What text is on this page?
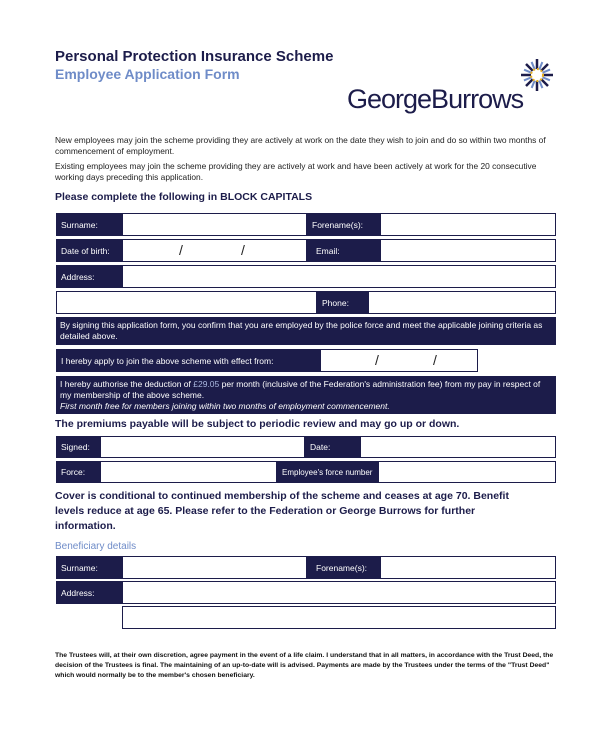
Personal Protection Insurance Scheme
Employee Application Form
GeorgeBurrows
New employees may join the scheme providing they are actively at work on the date they wish to join and do so within two months of commencement of employment.
Existing employees may join the scheme providing they are actively at work and have been actively at work for the 20 consecutive working days preceding this application.
Please complete the following in BLOCK CAPITALS
Surname:	Forename(s):
Date of birth:	/	/	Email:
Address:
Phone:
By signing this application form, you confirm that you are employed by the police force and meet the applicable joining criteria as detailed above.
I hereby apply to join the above scheme with effect from:	/	/
I hereby authorise the deduction of £29.05 per month (inclusive of the Federation's administration fee) from my pay in respect of my membership of the above scheme.
First month free for members joining within two months of employment commencement.
The premiums payable will be subject to periodic review and may go up or down.
Signed:	Date:
Force:	Employee's force number
Cover is conditional to continued membership of the scheme and ceases at age 70. Benefit levels reduce at age 65. Please refer to the Federation or George Burrows for further information.
Beneficiary details
Surname:	Forename(s):
Address:
The Trustees will, at their own discretion, agree payment in the event of a life claim. I understand that in all matters, in accordance with the Trust Deed, the decision of the Trustees is final. The maintaining of an up-to-date will is advised. Payments are made by the Trustees under the terms of the "Trust Deed" which would normally be to the member's chosen beneficiary.
